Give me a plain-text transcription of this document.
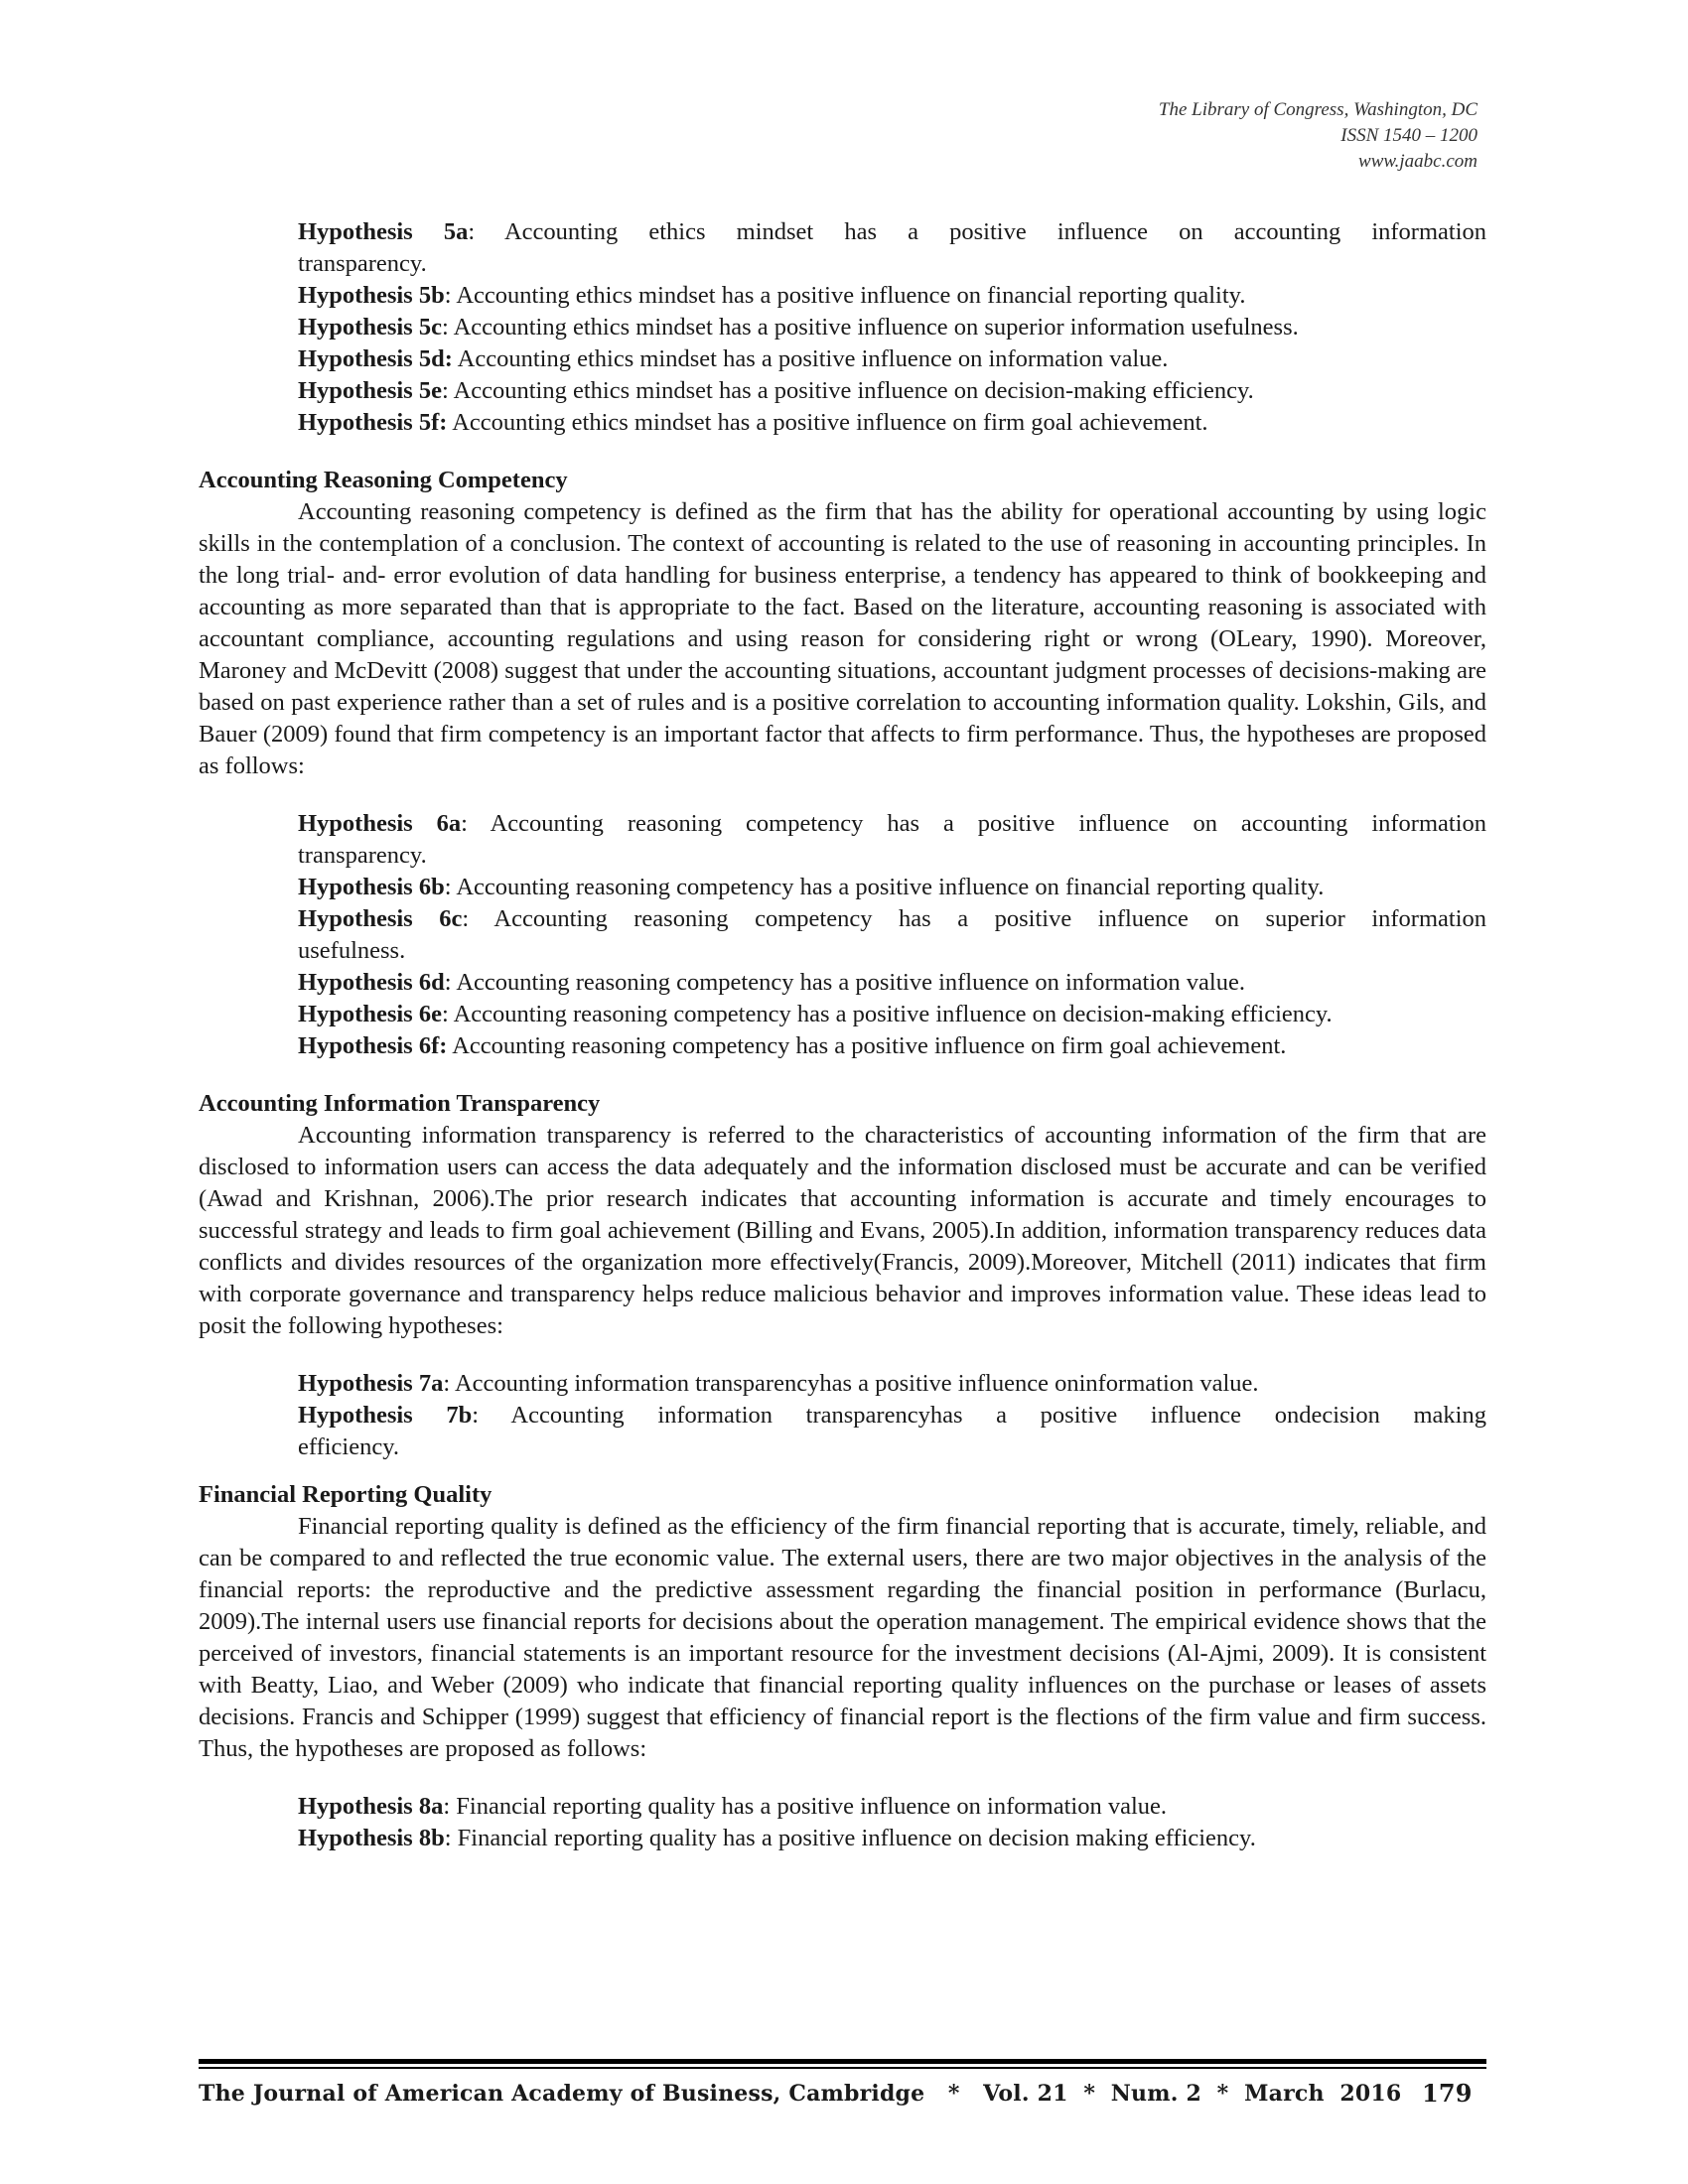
The Library of Congress, Washington, DC
ISSN 1540 – 1200
www.jaabc.com
Hypothesis 5a: Accounting ethics mindset has a positive influence on accounting information
transparency.
Hypothesis 5b: Accounting ethics mindset has a positive influence on financial reporting quality.
Hypothesis 5c: Accounting ethics mindset has a positive influence on superior information usefulness.
Hypothesis 5d: Accounting ethics mindset has a positive influence on information value.
Hypothesis 5e: Accounting ethics mindset has a positive influence on decision-making efficiency.
Hypothesis 5f: Accounting ethics mindset has a positive influence on firm goal achievement.
Accounting Reasoning Competency

Accounting reasoning competency is defined as the firm that has the ability for operational accounting by using logic skills in the contemplation of a conclusion. The context of accounting is related to the use of reasoning in accounting principles. In the long trial- and- error evolution of data handling for business enterprise, a tendency has appeared to think of bookkeeping and accounting as more separated than that is appropriate to the fact. Based on the literature, accounting reasoning is associated with accountant compliance, accounting regulations and using reason for considering right or wrong (OLeary, 1990). Moreover, Maroney and McDevitt (2008) suggest that under the accounting situations, accountant judgment processes of decisions-making are based on past experience rather than a set of rules and is a positive correlation to accounting information quality. Lokshin, Gils, and Bauer (2009) found that firm competency is an important factor that affects to firm performance. Thus, the hypotheses are proposed as follows:

Hypothesis 6a: Accounting reasoning competency has a positive influence on accounting information
transparency.
Hypothesis 6b: Accounting reasoning competency has a positive influence on financial reporting quality.
Hypothesis 6c: Accounting reasoning competency has a positive influence on superior information
usefulness.
Hypothesis 6d: Accounting reasoning competency has a positive influence on information value.
Hypothesis 6e: Accounting reasoning competency has a positive influence on decision-making efficiency.
Hypothesis 6f: Accounting reasoning competency has a positive influence on firm goal achievement.
Accounting Information Transparency

Accounting information transparency is referred to the characteristics of accounting information of the firm that are disclosed to information users can access the data adequately and the information disclosed must be accurate and can be verified (Awad and Krishnan, 2006).The prior research indicates that accounting information is accurate and timely encourages to successful strategy and leads to firm goal achievement (Billing and Evans, 2005).In addition, information transparency reduces data conflicts and divides resources of the organization more effectively(Francis, 2009).Moreover, Mitchell (2011) indicates that firm with corporate governance and transparency helps reduce malicious behavior and improves information value. These ideas lead to posit the following hypotheses:

Hypothesis 7a: Accounting information transparencyhas a positive influence oninformation value.
Hypothesis 7b: Accounting information transparencyhas a positive influence ondecision making
efficiency.
Financial Reporting Quality

Financial reporting quality is defined as the efficiency of the firm financial reporting that is accurate, timely, reliable, and can be compared to and reflected the true economic value. The external users, there are two major objectives in the analysis of the financial reports: the reproductive and the predictive assessment regarding the financial position in performance (Burlacu, 2009).The internal users use financial reports for decisions about the operation management. The empirical evidence shows that the perceived of investors, financial statements is an important resource for the investment decisions (Al-Ajmi, 2009). It is consistent with Beatty, Liao, and Weber (2009) who indicate that financial reporting quality influences on the purchase or leases of assets decisions. Francis and Schipper (1999) suggest that efficiency of financial report is the flections of the firm value and firm success. Thus, the hypotheses are proposed as follows:

Hypothesis 8a: Financial reporting quality has a positive influence on information value.
Hypothesis 8b: Financial reporting quality has a positive influence on decision making efficiency.
The Journal of American Academy of Business, Cambridge   *   Vol. 21  *  Num. 2  *  March  2016 179
